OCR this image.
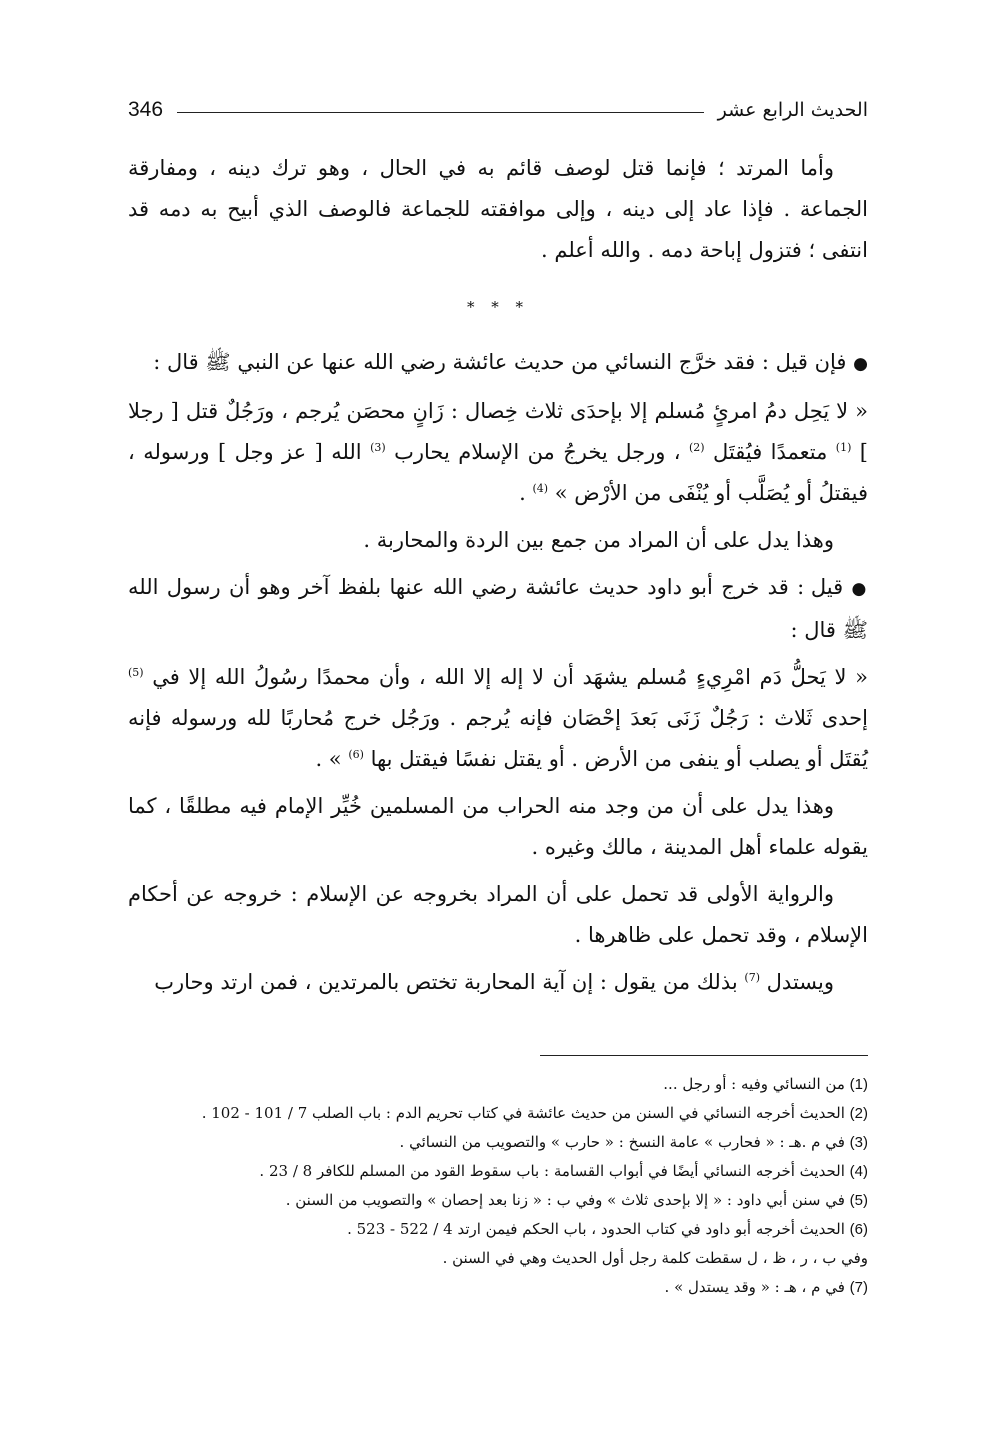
346	الحديث الرابع عشر

وأما المرتد ؛ فإنما قتل لوصف قائم به في الحال ، وهو ترك دينه ، ومفارقة الجماعة . فإذا عاد إلى دينه ، وإلى موافقته للجماعة فالوصف الذي أبيح به دمه قد انتفى ؛ فتزول إباحة دمه . والله أعلم .

* * *

● فإن قيل : فقد خرَّج النسائي من حديث عائشة رضي الله عنها عن النبي ﷺ قال :

« لا يَحِل دمُ امرئٍ مُسلم إلا بإحدَى ثلاث خِصال : زَانٍ محصَن يُرجم ، ورَجُلٌ قتل [ رجلا ] $^{(1)}$ متعمدًا فيُقتَل $^{(2)}$ ، ورجل يخرجُ من الإسلام يحارب $^{(3)}$ الله [ عز وجل ] ورسوله ، فيقتلُ أو يُصَلَّب أو يُنْفَى من الأرْض » $^{(4)}$ .

وهذا يدل على أن المراد من جمع بين الردة والمحاربة .

● قيل : قد خرج أبو داود حديث عائشة رضي الله عنها بلفظ آخر وهو أن رسول الله ﷺ قال :

« لا يَحلُّ دَم امْرِيءٍ مُسلم يشهَد أن لا إله إلا الله ، وأن محمدًا رسُولُ الله إلا في $^{(5)}$ إحدى ثَلاث : رَجُلٌ زَنَى بَعدَ إحْصَان فإنه يُرجم . ورَجُل خرج مُحاربًا لله ورسوله فإنه يُقتَل أو يصلب أو ينفى من الأرض . أو يقتل نفسًا فيقتل بها $^{(6)}$ » .

وهذا يدل على أن من وجد منه الحراب من المسلمين خُيِّر الإمام فيه مطلقًا ، كما يقوله علماء أهل المدينة ، مالك وغيره .

والرواية الأولى قد تحمل على أن المراد بخروجه عن الإسلام : خروجه عن أحكام الإسلام ، وقد تحمل على ظاهرها .

ويستدل $^{(7)}$ بذلك من يقول : إن آية المحاربة تختص بالمرتدين ، فمن ارتد وحارب

(1) من النسائي وفيه : أو رجل ...

(2) الحديث أخرجه النسائي في السنن من حديث عائشة في كتاب تحريم الدم : باب الصلب 7 / 101 - 102 .

(3) في م .هـ : « فحارب » عامة النسخ : « حارب » والتصويب من النسائي .

(4) الحديث أخرجه النسائي أيضًا في أبواب القسامة : باب سقوط القود من المسلم للكافر 8 / 23 .

(5) في سنن أبي داود : « إلا بإحدى ثلاث » وفي ب : « زنا بعد إحصان » والتصويب من السنن .

(6) الحديث أخرجه أبو داود في كتاب الحدود ، باب الحكم فيمن ارتد 4 / 522 - 523 .

وفي ب ، ر ، ظ ، ل سقطت كلمة رجل أول الحديث وهي في السنن .

(7) في م ، هـ : « وقد يستدل » .
